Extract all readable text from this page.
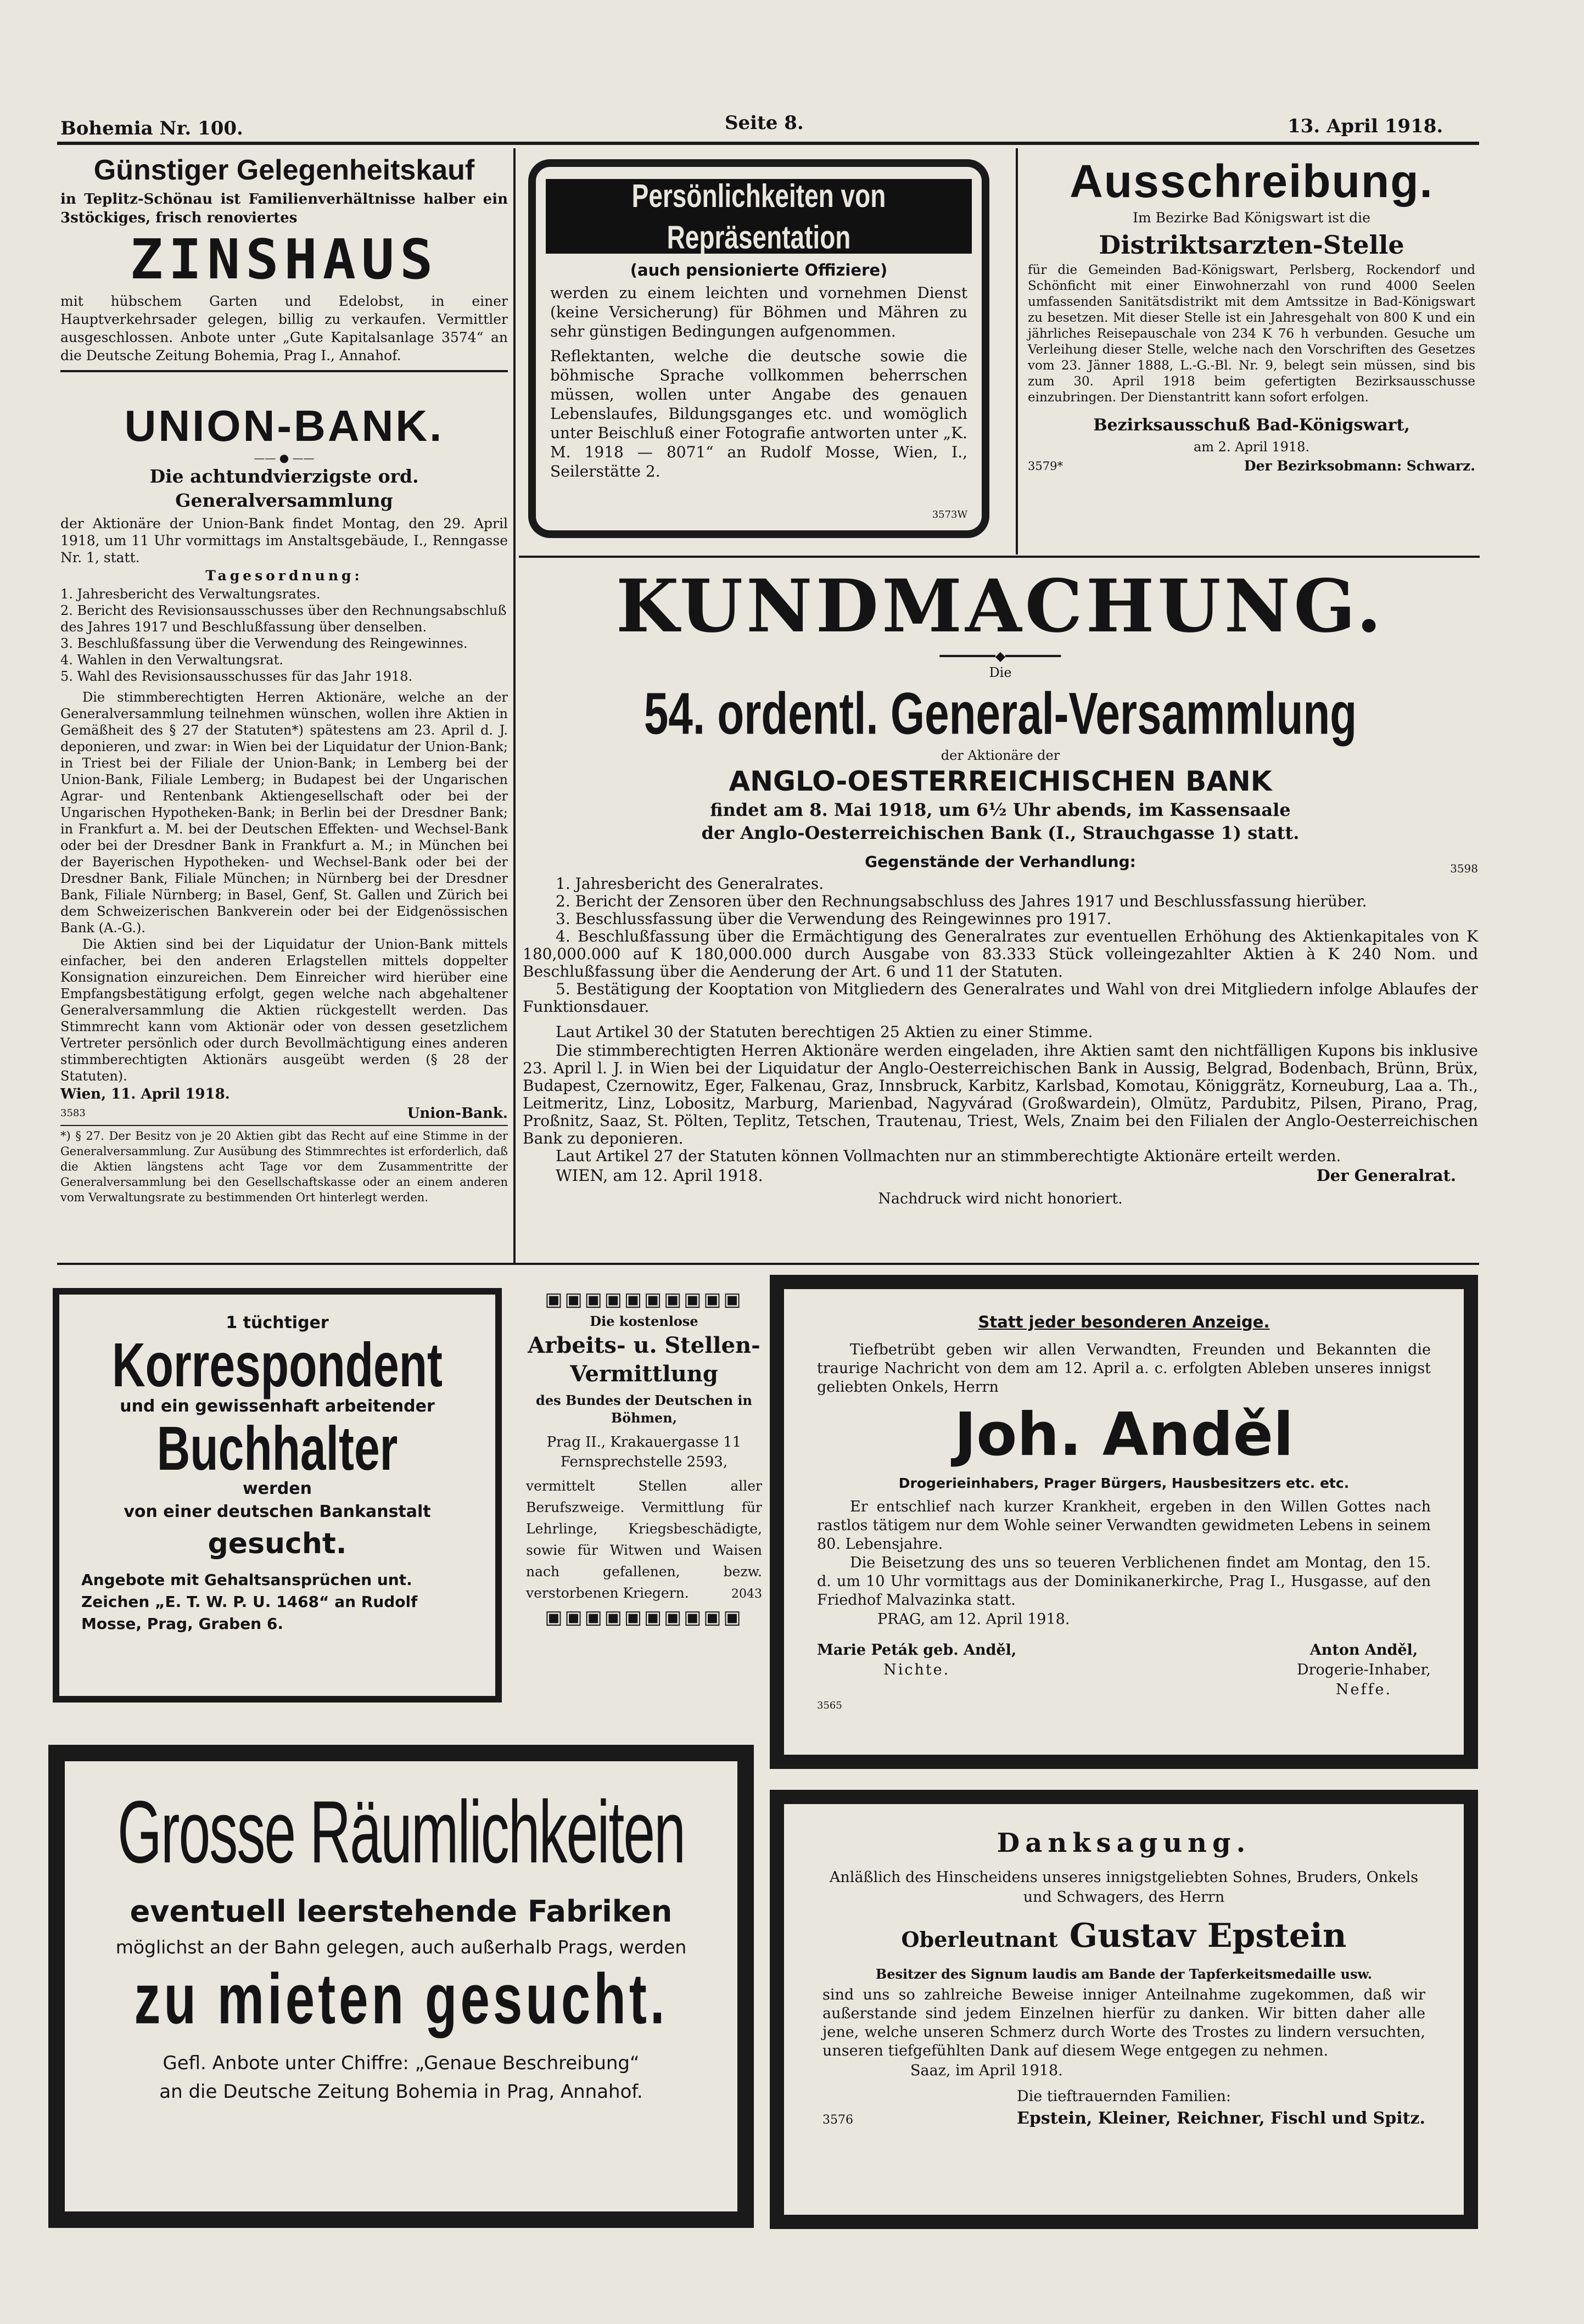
Bohemia Nr. 100.	Seite 8.	13. April 1918.
Günstiger Gelegenheitskauf

in Teplitz-Schönau ist Familienverhältnisse halber ein 3stöckiges, frisch renoviertes

ZINSHAUS

mit hübschem Garten und Edelobst, in einer Hauptverkehrsader gelegen, billig zu verkaufen. Vermittler ausgeschlossen. Anbote unter „Gute Kapitalsanlage 3574“ an die Deutsche Zeitung Bohemia, Prag I., Annahof.

UNION-BANK.
—— ● ——
Die achtundvierzigste ord. Generalversammlung

der Aktionäre der Union-Bank findet Montag, den 29. April 1918, um 11 Uhr vormittags im Anstaltsgebäude, I., Renngasse Nr. 1, statt.

Tagesordnung:
1. Jahresbericht des Verwaltungsrates.
2. Bericht des Revisionsausschusses über den Rechnungsabschluß des Jahres 1917 und Beschlußfassung über denselben.
3. Beschlußfassung über die Verwendung des Reingewinnes.
4. Wahlen in den Verwaltungsrat.
5. Wahl des Revisionsausschusses für das Jahr 1918.

Die stimmberechtigten Herren Aktionäre, welche an der Generalversammlung teilnehmen wünschen, wollen ihre Aktien in Gemäßheit des § 27 der Statuten*) spätestens am 23. April d. J. deponieren, und zwar: in Wien bei der Liquidatur der Union-Bank; in Triest bei der Filiale der Union-Bank; in Lemberg bei der Union-Bank, Filiale Lemberg; in Budapest bei der Ungarischen Agrar- und Rentenbank Aktiengesellschaft oder bei der Ungarischen Hypotheken-Bank; in Berlin bei der Dresdner Bank; in Frankfurt a. M. bei der Deutschen Effekten- und Wechsel-Bank oder bei der Dresdner Bank in Frankfurt a. M.; in München bei der Bayerischen Hypotheken- und Wechsel-Bank oder bei der Dresdner Bank, Filiale München; in Nürnberg bei der Dresdner Bank, Filiale Nürnberg; in Basel, Genf, St. Gallen und Zürich bei dem Schweizerischen Bankverein oder bei der Eidgenössischen Bank (A.-G.).

Die Aktien sind bei der Liquidatur der Union-Bank mittels einfacher, bei den anderen Erlagstellen mittels doppelter Konsignation einzureichen. Dem Einreicher wird hierüber eine Empfangsbestätigung erfolgt, gegen welche nach abgehaltener Generalversammlung die Aktien rückgestellt werden. Das Stimmrecht kann vom Aktionär oder von dessen gesetzlichem Vertreter persönlich oder durch Bevollmächtigung eines anderen stimmberechtigten Aktionärs ausgeübt werden (§ 28 der Statuten).

Wien, 11. April 1918.
3583	Union-Bank.

*) § 27. Der Besitz von je 20 Aktien gibt das Recht auf eine Stimme in der Generalversammlung. Zur Ausübung des Stimmrechtes ist erforderlich, daß die Aktien längstens acht Tage vor dem Zusammentritte der Generalversammlung bei den Gesellschaftskasse oder an einem anderen vom Verwaltungsrate zu bestimmenden Ort hinterlegt werden.

Persönlichkeiten von Repräsentation
(auch pensionierte Offiziere)

werden zu einem leichten und vornehmen Dienst (keine Versicherung) für Böhmen und Mähren zu sehr günstigen Bedingungen aufgenommen.

Reflektanten, welche die deutsche sowie die böhmische Sprache vollkommen beherrschen müssen, wollen unter Angabe des genauen Lebenslaufes, Bildungsganges etc. und womöglich unter Beischluß einer Fotografie antworten unter „K. M. 1918 — 8071“ an Rudolf Mosse, Wien, I., Seilerstätte 2.

3573W
Ausschreibung.
Im Bezirke Bad Königswart ist die
Distriktsarzten-Stelle

für die Gemeinden Bad-Königswart, Perlsberg, Rockendorf und Schönficht mit einer Einwohnerzahl von rund 4000 Seelen umfassenden Sanitätsdistrikt mit dem Amtssitze in Bad-Königswart zu besetzen. Mit dieser Stelle ist ein Jahresgehalt von 800 K und ein jährliches Reisepauschale von 234 K 76 h verbunden. Gesuche um Verleihung dieser Stelle, welche nach den Vorschriften des Gesetzes vom 23. Jänner 1888, L.-G.-Bl. Nr. 9, belegt sein müssen, sind bis zum 30. April 1918 beim gefertigten Bezirksausschusse einzubringen. Der Dienstantritt kann sofort erfolgen.

Bezirksausschuß Bad-Königswart,
am 2. April 1918.
3579*	Der Bezirksobmann: Schwarz.
KUNDMACHUNG.
━━━━━━━◆━━━━━━━
Die
54. ordentl. General-Versammlung
der Aktionäre der
ANGLO-OESTERREICHISCHEN BANK
findet am 8. Mai 1918, um 6½ Uhr abends, im Kassensaale
der Anglo-Oesterreichischen Bank (I., Strauchgasse 1) statt.
3598
Gegenstände der Verhandlung:
1. Jahresbericht des Generalrates.
2. Bericht der Zensoren über den Rechnungsabschluss des Jahres 1917 und Beschlussfassung hierüber.
3. Beschlussfassung über die Verwendung des Reingewinnes pro 1917.
4. Beschlußfassung über die Ermächtigung des Generalrates zur eventuellen Erhöhung des Aktienkapitales von K 180,000.000 auf K 180,000.000 durch Ausgabe von 83.333 Stück volleingezahlter Aktien à K 240 Nom. und Beschlußfassung über die Aenderung der Art. 6 und 11 der Statuten.
5. Bestätigung der Kooptation von Mitgliedern des Generalrates und Wahl von drei Mitgliedern infolge Ablaufes der Funktionsdauer.

Laut Artikel 30 der Statuten berechtigen 25 Aktien zu einer Stimme.

Die stimmberechtigten Herren Aktionäre werden eingeladen, ihre Aktien samt den nichtfälligen Kupons bis inklusive 23. April l. J. in Wien bei der Liquidatur der Anglo-Oesterreichischen Bank in Aussig, Belgrad, Bodenbach, Brünn, Brüx, Budapest, Czernowitz, Eger, Falkenau, Graz, Innsbruck, Karbitz, Karlsbad, Komotau, Königgrätz, Korneuburg, Laa a. Th., Leitmeritz, Linz, Lobositz, Marburg, Marienbad, Nagyvárad (Großwardein), Olmütz, Pardubitz, Pilsen, Pirano, Prag, Proßnitz, Saaz, St. Pölten, Teplitz, Tetschen, Trautenau, Triest, Wels, Znaim bei den Filialen der Anglo-Oesterreichischen Bank zu deponieren.

Laut Artikel 27 der Statuten können Vollmachten nur an stimmberechtigte Aktionäre erteilt werden.

WIEN, am 12. April 1918.	Der Generalrat.
Nachdruck wird nicht honoriert.
1 tüchtiger
Korrespondent
und ein gewissenhaft arbeitender
Buchhalter
werden
von einer deutschen Bankanstalt
gesucht.

Angebote mit Gehaltsansprüchen unt. Zeichen „E. T. W. P. U. 1468“ an Rudolf Mosse, Prag, Graben 6.

▣▣▣▣▣▣▣▣▣▣
Die kostenlose
Arbeits- u. Stellen-Vermittlung
des Bundes der Deutschen in Böhmen,
Prag II., Krakauergasse 11 Fernsprechstelle 2593,

vermittelt Stellen aller Berufszweige. Vermittlung für Lehrlinge, Kriegsbeschädigte, sowie für Witwen und Waisen nach gefallenen, bezw. verstorbenen Kriegern.	2043
▣▣▣▣▣▣▣▣▣▣
Statt jeder besonderen Anzeige.

Tiefbetrübt geben wir allen Verwandten, Freunden und Bekannten die traurige Nachricht von dem am 12. April a. c. erfolgten Ableben unseres innigst geliebten Onkels, Herrn

Joh. Anděl
Drogerieinhabers, Prager Bürgers, Hausbesitzers etc. etc.

Er entschlief nach kurzer Krankheit, ergeben in den Willen Gottes nach rastlos tätigem nur dem Wohle seiner Verwandten gewidmeten Lebens in seinem 80. Lebensjahre.

Die Beisetzung des uns so teueren Verblichenen findet am Montag, den 15. d. um 10 Uhr vormittags aus der Dominikanerkirche, Prag I., Husgasse, auf den Friedhof Malvazinka statt.

PRAG, am 12. April 1918.
Marie Peták geb. Anděl,
Nichte.
Anton Anděl,
Drogerie-Inhaber,
Neffe.
3565
Grosse Räumlichkeiten
eventuell leerstehende Fabriken
möglichst an der Bahn gelegen, auch außerhalb Prags, werden
zu mieten gesucht.
Gefl. Anbote unter Chiffre: „Genaue Beschreibung“
an die Deutsche Zeitung Bohemia in Prag, Annahof.
Danksagung.

Anläßlich des Hinscheidens unseres innigstgeliebten Sohnes, Bruders, Onkels und Schwagers, des Herrn

Oberleutnant Gustav Epstein
Besitzer des Signum laudis am Bande der Tapferkeitsmedaille usw.

sind uns so zahlreiche Beweise inniger Anteilnahme zugekommen, daß wir außerstande sind jedem Einzelnen hierfür zu danken. Wir bitten daher alle jene, welche unseren Schmerz durch Worte des Trostes zu lindern versuchten, unseren tiefgefühlten Dank auf diesem Wege entgegen zu nehmen.

Saaz, im April 1918.
Die tieftrauernden Familien:
3576	Epstein, Kleiner, Reichner, Fischl und Spitz.
